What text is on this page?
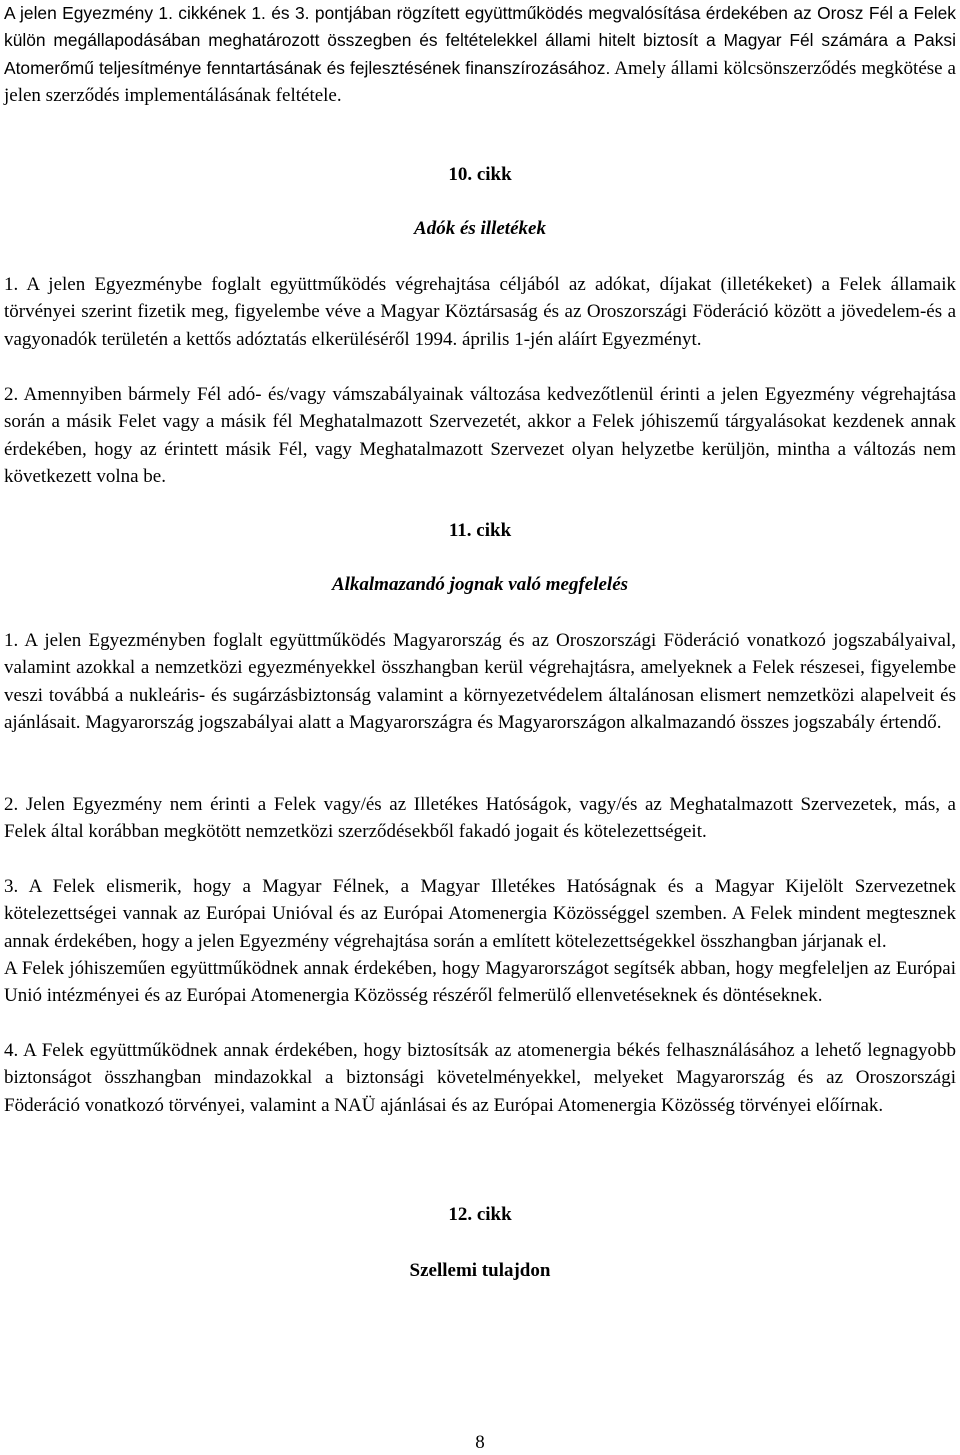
A jelen Egyezmény 1. cikkének 1. és 3. pontjában rögzített együttműködés megvalósítása érdekében az Orosz Fél a Felek külön megállapodásában meghatározott összegben és feltételekkel állami hitelt biztosít a Magyar Fél számára a Paksi Atomerőmű teljesítménye fenntartásának és fejlesztésének finanszírozásához. Amely állami kölcsönszerződés megkötése a jelen szerződés implementálásának feltétele.

10. cikk
Adók és illetékek

1. A jelen Egyezménybe foglalt együttműködés végrehajtása céljából az adókat, díjakat (illetékeket) a Felek államaik törvényei szerint fizetik meg, figyelembe véve a Magyar Köztársaság és az Oroszországi Föderáció között a jövedelem-és a vagyonadók területén a kettős adóztatás elkerüléséről 1994. április 1-jén aláírt Egyezményt.

2. Amennyiben bármely Fél adó- és/vagy vámszabályainak változása kedvezőtlenül érinti a jelen Egyezmény végrehajtása során a másik Felet vagy a másik fél Meghatalmazott Szervezetét, akkor a Felek jóhiszemű tárgyalásokat kezdenek annak érdekében, hogy az érintett másik Fél, vagy Meghatalmazott Szervezet olyan helyzetbe kerüljön, mintha a változás nem következett volna be.

11. cikk
Alkalmazandó jognak való megfelelés

1. A jelen Egyezményben foglalt együttműködés Magyarország és az Oroszországi Föderáció vonatkozó jogszabályaival, valamint azokkal a nemzetközi egyezményekkel összhangban kerül végrehajtásra, amelyeknek a Felek részesei, figyelembe veszi továbbá a nukleáris- és sugárzásbiztonság valamint a környezetvédelem általánosan elismert nemzetközi alapelveit és ajánlásait. Magyarország jogszabályai alatt a Magyarországra és Magyarországon alkalmazandó összes jogszabály értendő.

2. Jelen Egyezmény nem érinti a Felek vagy/és az Illetékes Hatóságok, vagy/és az Meghatalmazott Szervezetek, más, a Felek által korábban megkötött nemzetközi szerződésekből fakadó jogait és kötelezettségeit.

3. A Felek elismerik, hogy a Magyar Félnek, a Magyar Illetékes Hatóságnak és a Magyar Kijelölt Szervezetnek kötelezettségei vannak az Európai Unióval és az Európai Atomenergia Közösséggel szemben. A Felek mindent megtesznek annak érdekében, hogy a jelen Egyezmény végrehajtása során a említett kötelezettségekkel összhangban járjanak el.

A Felek jóhiszeműen együttműködnek annak érdekében, hogy Magyarországot segítsék abban, hogy megfeleljen az Európai Unió intézményei és az Európai Atomenergia Közösség részéről felmerülő ellenvetéseknek és döntéseknek.

4. A Felek együttműködnek annak érdekében, hogy biztosítsák az atomenergia békés felhasználásához a lehető legnagyobb biztonságot összhangban mindazokkal a biztonsági követelményekkel, melyeket Magyarország és az Oroszországi Föderáció vonatkozó törvényei, valamint a NAÜ ajánlásai és az Európai Atomenergia Közösség törvényei előírnak.

12. cikk
Szellemi tulajdon
8
